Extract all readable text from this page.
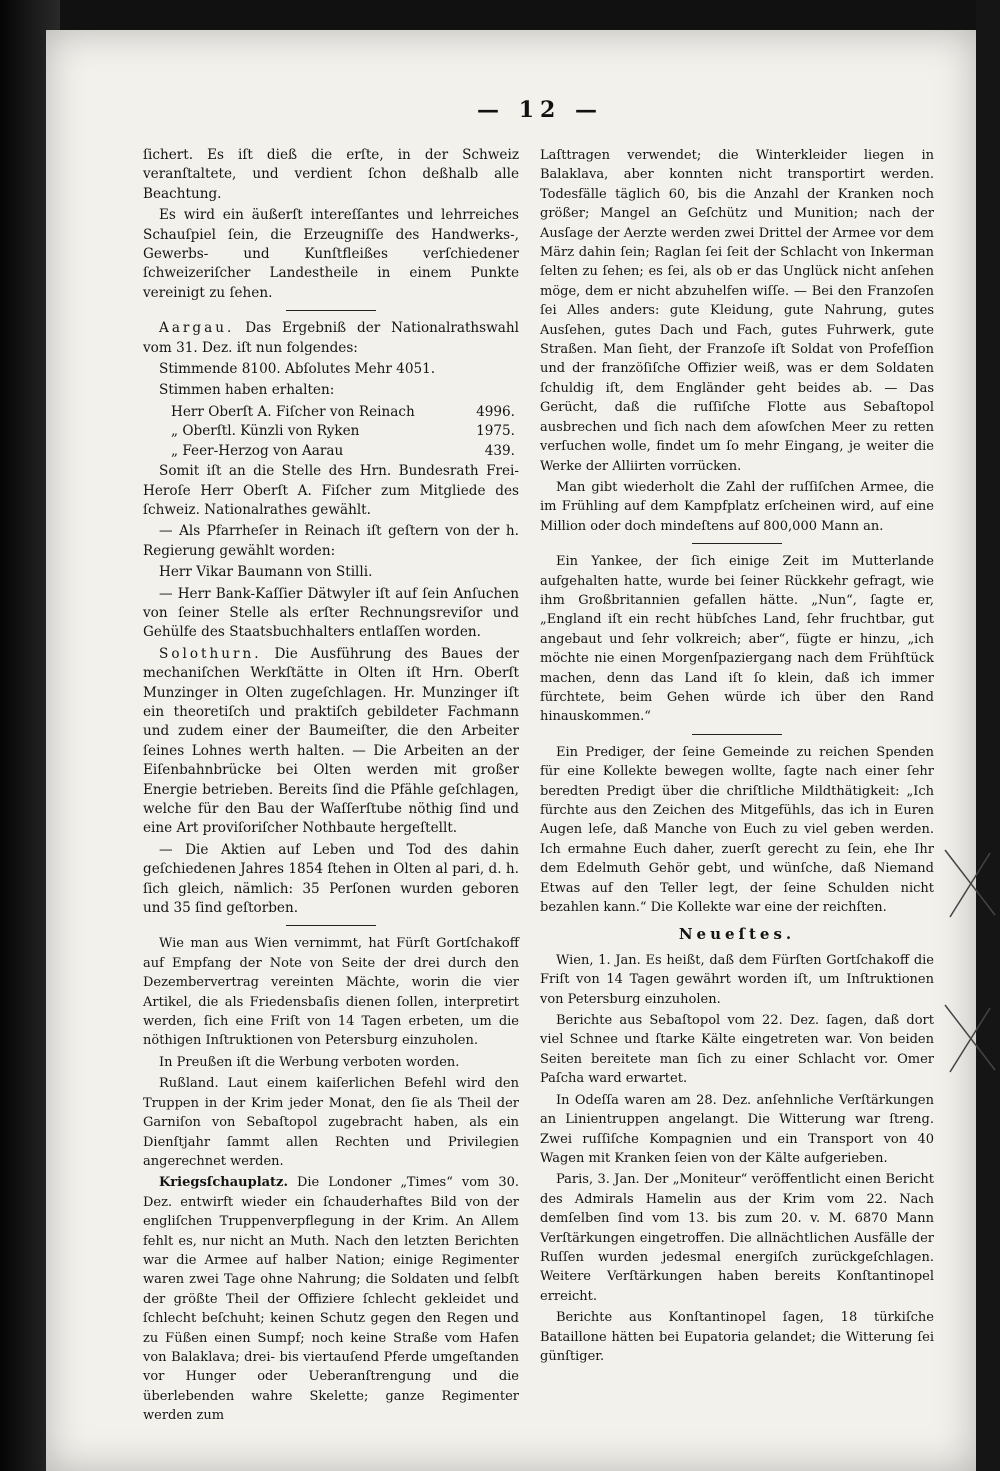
— 12 —

ſichert. Es iſt dieß die erſte, in der Schweiz veranſtaltete, und verdient ſchon deßhalb alle Beachtung.

Es wird ein äußerſt intereſſantes und lehrreiches Schauſpiel ſein, die Erzeugniſſe des Handwerks-, Gewerbs- und Kunſtfleißes verſchiedener ſchweizeriſcher Landestheile in einem Punkte vereinigt zu ſehen.

Aargau. Das Ergebniß der Nationalrathswahl vom 31. Dez. iſt nun folgendes:

Stimmende 8100. Abſolutes Mehr 4051.

Stimmen haben erhalten:

Herr Oberſt A. Fiſcher von Reinach	4996.
„ Oberſtl. Künzli von Ryken	1975.
„ Feer-Herzog von Aarau	439.

Somit iſt an die Stelle des Hrn. Bundesrath Frei-Heroſe Herr Oberſt A. Fiſcher zum Mitgliede des ſchweiz. Nationalrathes gewählt.

— Als Pfarrheſer in Reinach iſt geſtern von der h. Regierung gewählt worden:

Herr Vikar Baumann von Stilli.

— Herr Bank-Kaſſier Dätwyler iſt auf ſein Anſuchen von ſeiner Stelle als erſter Rechnungsreviſor und Gehülfe des Staatsbuchhalters entlaſſen worden.

Solothurn. Die Ausführung des Baues der mechaniſchen Werkſtätte in Olten iſt Hrn. Oberſt Munzinger in Olten zugeſchlagen. Hr. Munzinger iſt ein theoretiſch und praktiſch gebildeter Fachmann und zudem einer der Baumeiſter, die den Arbeiter ſeines Lohnes werth halten. — Die Arbeiten an der Eiſenbahnbrücke bei Olten werden mit großer Energie betrieben. Bereits ſind die Pfähle geſchlagen, welche für den Bau der Waſſerſtube nöthig ſind und eine Art proviſoriſcher Nothbaute hergeſtellt.

— Die Aktien auf Leben und Tod des dahin geſchiedenen Jahres 1854 ſtehen in Olten al pari, d. h. ſich gleich, nämlich: 35 Perſonen wurden geboren und 35 ſind geſtorben.

Wie man aus Wien vernimmt, hat Fürſt Gortſchakoff auf Empfang der Note von Seite der drei durch den Dezembervertrag vereinten Mächte, worin die vier Artikel, die als Friedensbaſis dienen ſollen, interpretirt werden, ſich eine Friſt von 14 Tagen erbeten, um die nöthigen Inſtruktionen von Petersburg einzuholen.

In Preußen iſt die Werbung verboten worden.

Rußland. Laut einem kaiſerlichen Befehl wird den Truppen in der Krim jeder Monat, den ſie als Theil der Garniſon von Sebaſtopol zugebracht haben, als ein Dienſtjahr ſammt allen Rechten und Privilegien angerechnet werden.

Kriegsſchauplatz. Die Londoner „Times“ vom 30. Dez. entwirft wieder ein ſchauderhaftes Bild von der engliſchen Truppenverpflegung in der Krim. An Allem fehlt es, nur nicht an Muth. Nach den letzten Berichten war die Armee auf halber Nation; einige Regimenter waren zwei Tage ohne Nahrung; die Soldaten und ſelbſt der größte Theil der Offiziere ſchlecht gekleidet und ſchlecht beſchuht; keinen Schutz gegen den Regen und zu Füßen einen Sumpf; noch keine Straße vom Hafen von Balaklava; drei- bis viertauſend Pferde umgeſtanden vor Hunger oder Ueberanſtrengung und die überlebenden wahre Skelette; ganze Regimenter werden zum

Laſttragen verwendet; die Winterkleider liegen in Balaklava, aber konnten nicht transportirt werden. Todesfälle täglich 60, bis die Anzahl der Kranken noch größer; Mangel an Geſchütz und Munition; nach der Ausſage der Aerzte werden zwei Drittel der Armee vor dem März dahin ſein; Raglan ſei ſeit der Schlacht von Inkerman ſelten zu ſehen; es ſei, als ob er das Unglück nicht anſehen möge, dem er nicht abzuhelfen wiſſe. — Bei den Franzoſen ſei Alles anders: gute Kleidung, gute Nahrung, gutes Ausſehen, gutes Dach und Fach, gutes Fuhrwerk, gute Straßen. Man ſieht, der Franzoſe iſt Soldat von Profeſſion und der franzöſiſche Offizier weiß, was er dem Soldaten ſchuldig iſt, dem Engländer geht beides ab. — Das Gerücht, daß die ruſſiſche Flotte aus Sebaſtopol ausbrechen und ſich nach dem aſowſchen Meer zu retten verſuchen wolle, findet um ſo mehr Eingang, je weiter die Werke der Alliirten vorrücken.

Man gibt wiederholt die Zahl der ruſſiſchen Armee, die im Frühling auf dem Kampfplatz erſcheinen wird, auf eine Million oder doch mindeſtens auf 800,000 Mann an.

Ein Yankee, der ſich einige Zeit im Mutterlande aufgehalten hatte, wurde bei ſeiner Rückkehr gefragt, wie ihm Großbritannien gefallen hätte. „Nun“, ſagte er, „England iſt ein recht hübſches Land, ſehr fruchtbar, gut angebaut und ſehr volkreich; aber“, fügte er hinzu, „ich möchte nie einen Morgenſpaziergang nach dem Frühſtück machen, denn das Land iſt ſo klein, daß ich immer fürchtete, beim Gehen würde ich über den Rand hinauskommen.“

Ein Prediger, der ſeine Gemeinde zu reichen Spenden für eine Kollekte bewegen wollte, ſagte nach einer ſehr beredten Predigt über die chriſtliche Mildthätigkeit: „Ich fürchte aus den Zeichen des Mitgefühls, das ich in Euren Augen leſe, daß Manche von Euch zu viel geben werden. Ich ermahne Euch daher, zuerſt gerecht zu ſein, ehe Ihr dem Edelmuth Gehör gebt, und wünſche, daß Niemand Etwas auf den Teller legt, der ſeine Schulden nicht bezahlen kann.“ Die Kollekte war eine der reichſten.

Neueſtes.

Wien, 1. Jan. Es heißt, daß dem Fürſten Gortſchakoff die Friſt von 14 Tagen gewährt worden iſt, um Inſtruktionen von Petersburg einzuholen.

Berichte aus Sebaſtopol vom 22. Dez. ſagen, daß dort viel Schnee und ſtarke Kälte eingetreten war. Von beiden Seiten bereitete man ſich zu einer Schlacht vor. Omer Paſcha ward erwartet.

In Odeſſa waren am 28. Dez. anſehnliche Verſtärkungen an Linientruppen angelangt. Die Witterung war ſtreng. Zwei ruſſiſche Kompagnien und ein Transport von 40 Wagen mit Kranken ſeien von der Kälte aufgerieben.

Paris, 3. Jan. Der „Moniteur“ veröffentlicht einen Bericht des Admirals Hamelin aus der Krim vom 22. Nach demſelben ſind vom 13. bis zum 20. v. M. 6870 Mann Verſtärkungen eingetroffen. Die allnächtlichen Ausfälle der Ruſſen wurden jedesmal energiſch zurückgeſchlagen. Weitere Verſtärkungen haben bereits Konſtantinopel erreicht.

Berichte aus Konſtantinopel ſagen, 18 türkiſche Bataillone hätten bei Eupatoria gelandet; die Witterung ſei günſtiger.
